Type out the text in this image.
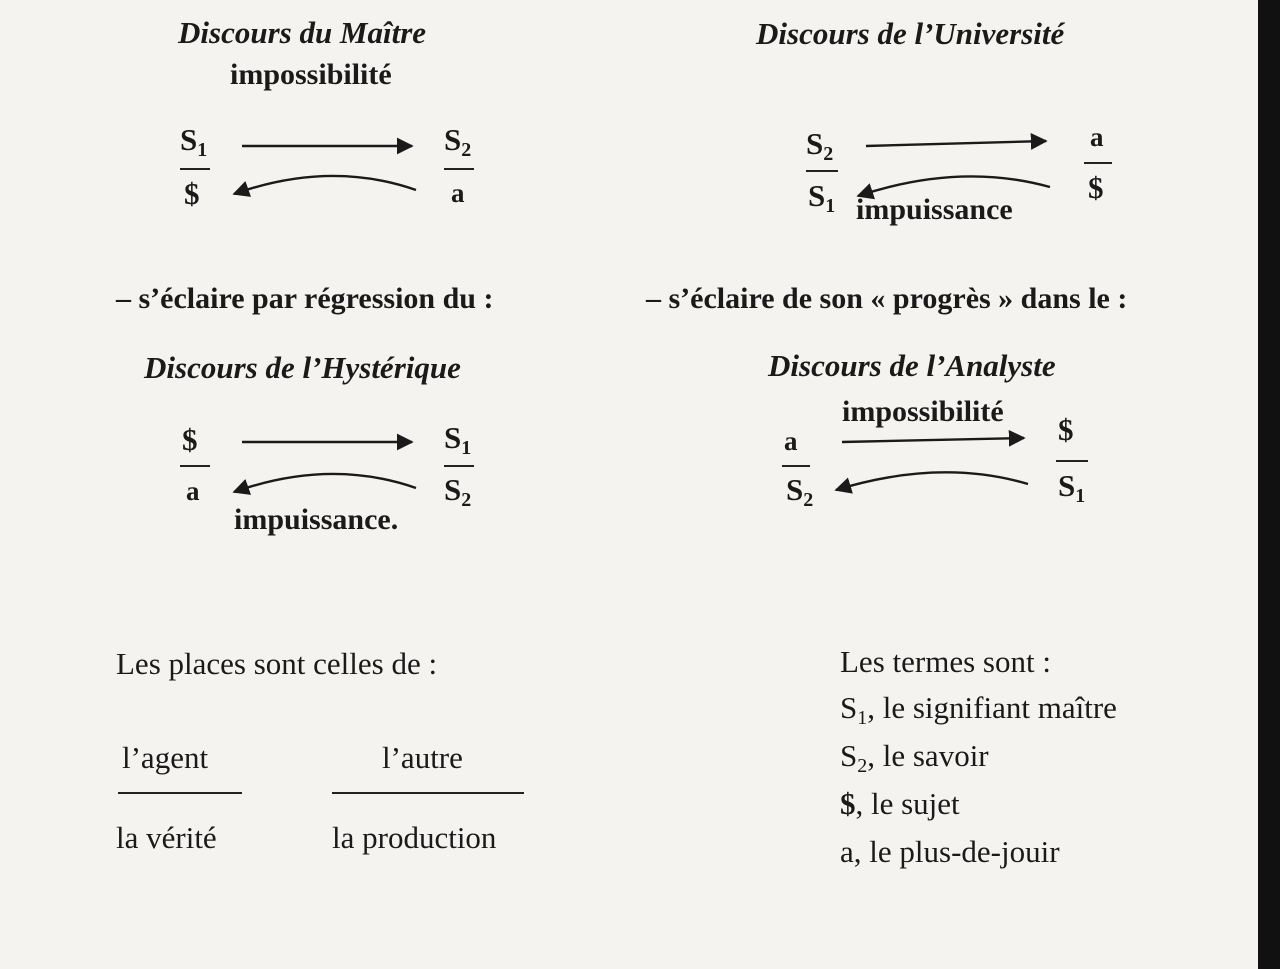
Discours du Maître
impossibilité
$S_1$
$
$S_2$
a
Discours de l’Université
$S_2$
$S_1$
a
$
impuissance
– s’éclaire par régression du :	– s’éclaire de son « progrès » dans le :
Discours de l’Hystérique
$
a
$S_1$
$S_2$
impuissance.
Discours de l’Analyste
impossibilité
a
$S_2$
$
$S_1$
Les places sont celles de :
l’agent	l’autre
la vérité	la production
Les termes sont :
$S_1$, le signifiant maître
$S_2$, le savoir
$, le sujet
a, le plus-de-jouir
